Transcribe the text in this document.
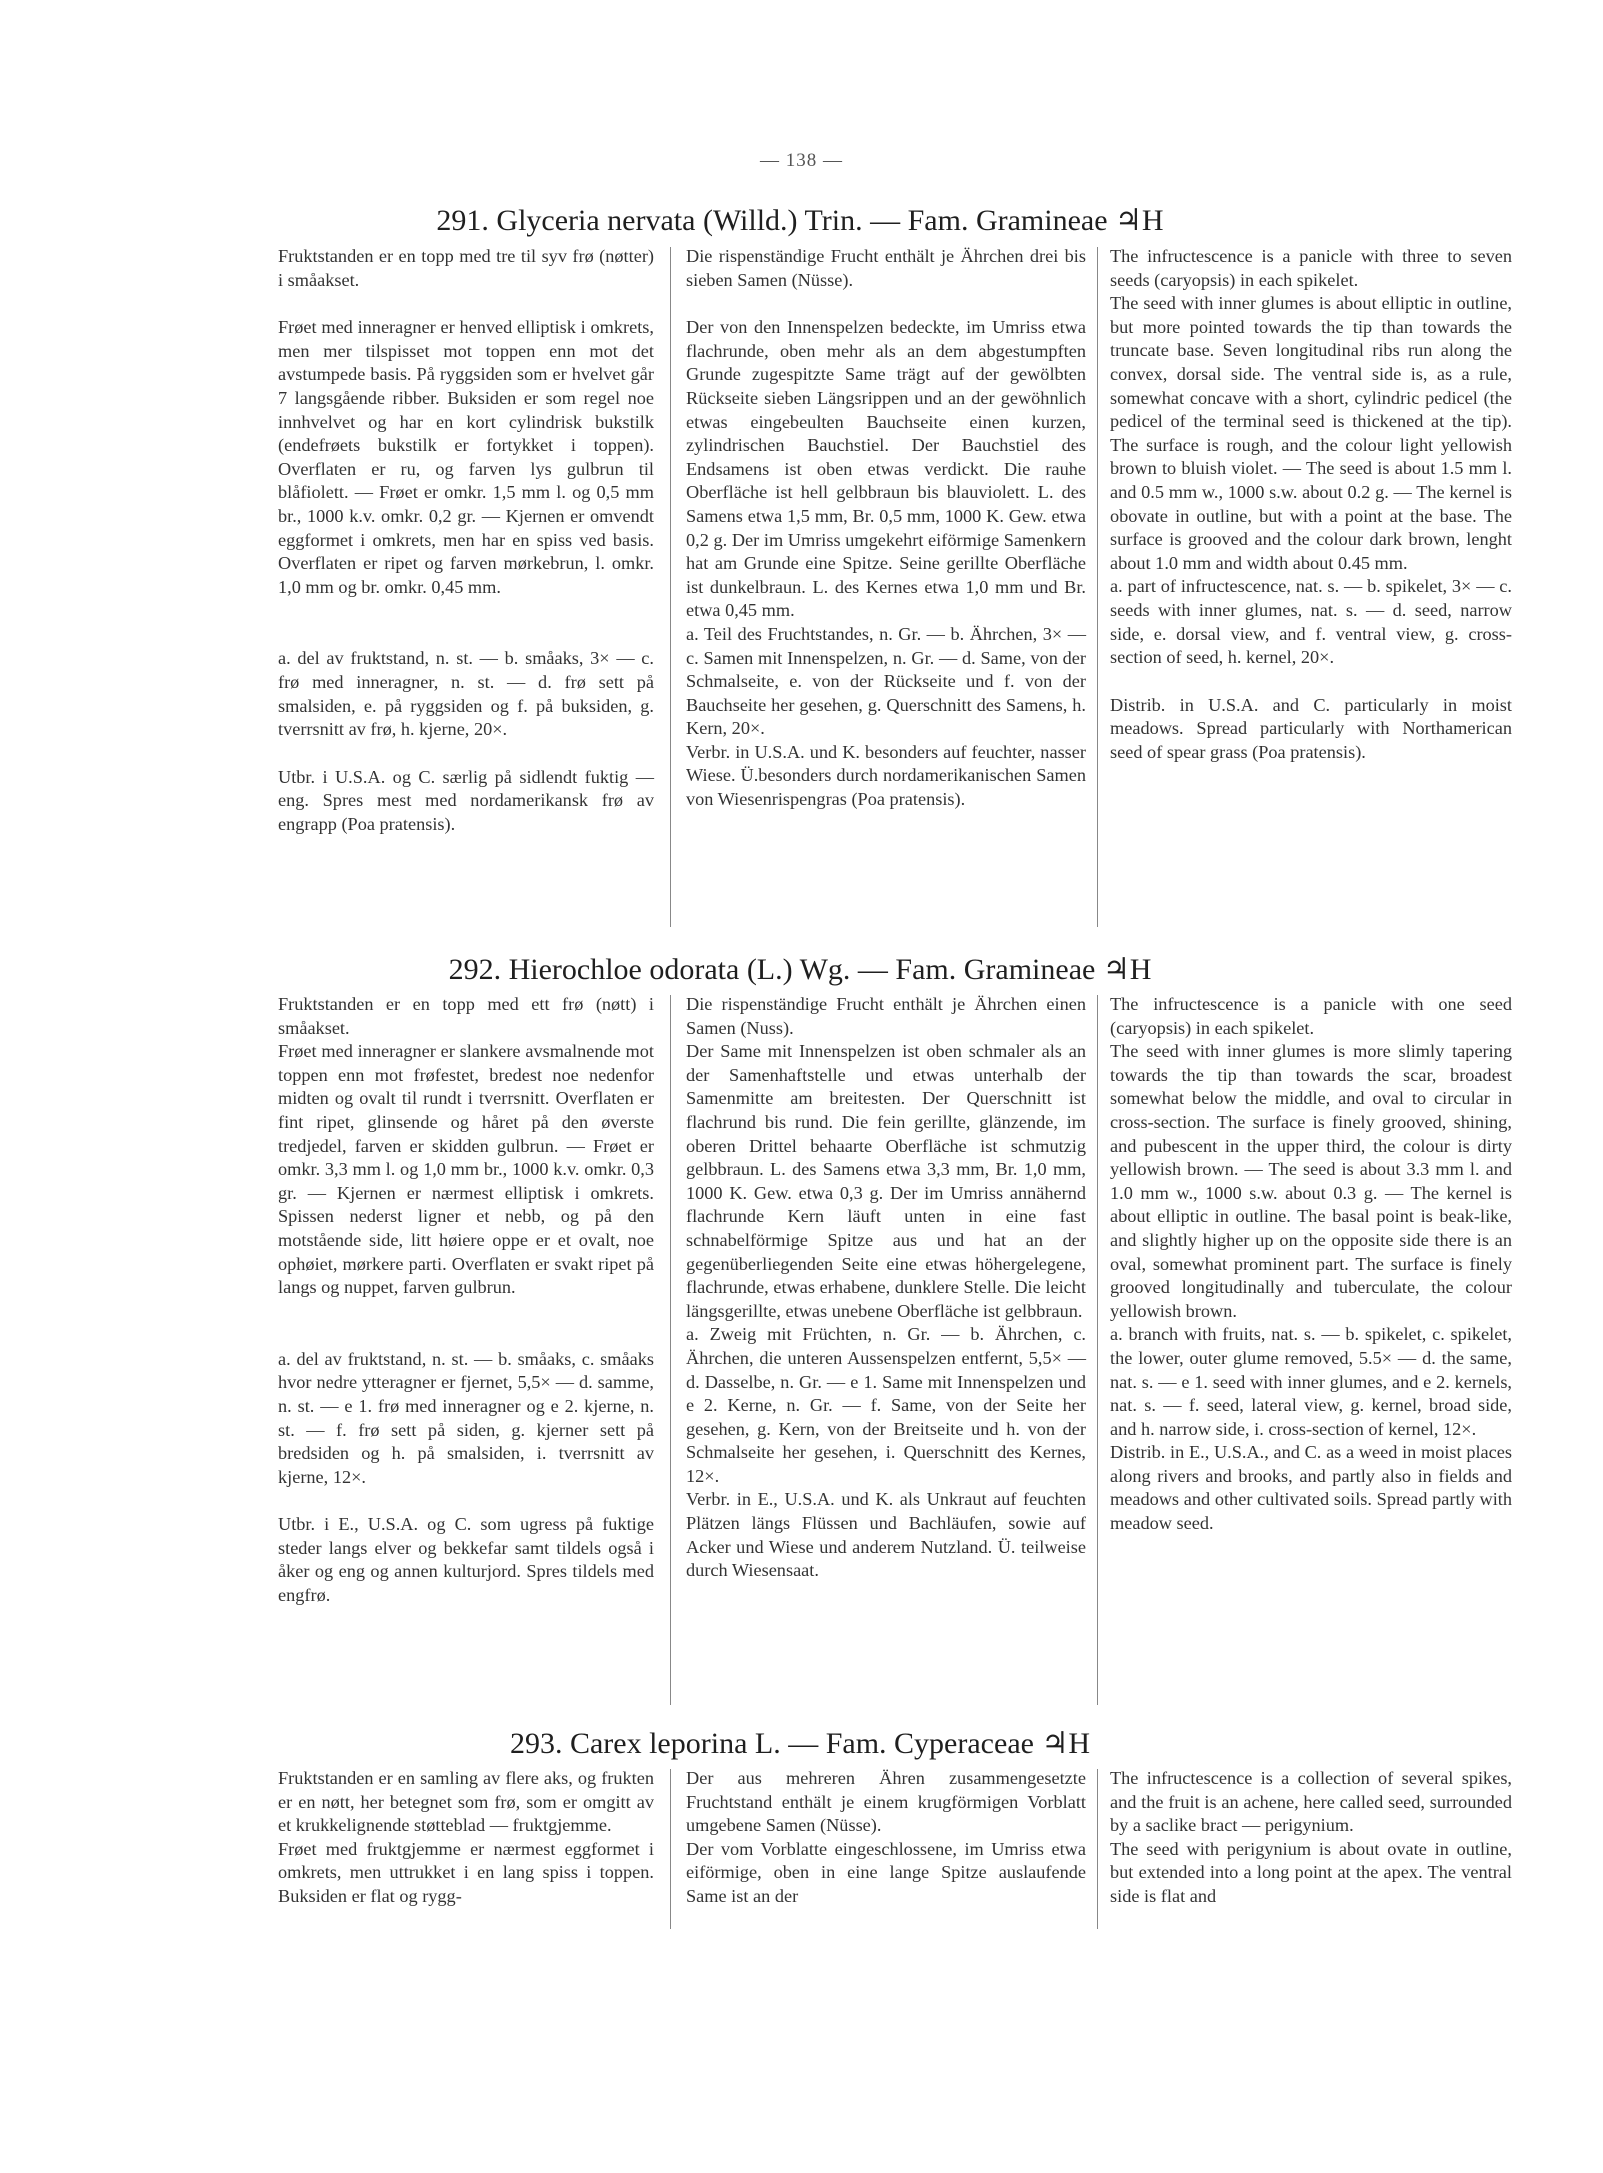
— 138 —
291. Glyceria nervata (Willd.) Trin. — Fam. Gramineae ♃H

Fruktstanden er en topp med tre til syv frø (nøtter) i småakset.

Frøet med inneragner er henved elliptisk i omkrets, men mer tilspisset mot toppen enn mot det avstumpede basis. På ryggsiden som er hvelvet går 7 langsgående ribber. Buksiden er som regel noe innhvelvet og har en kort cylindrisk bukstilk (endefrøets bukstilk er fortykket i toppen). Overflaten er ru, og farven lys gulbrun til blåfiolett. — Frøet er omkr. 1,5 mm l. og 0,5 mm br., 1000 k.v. omkr. 0,2 gr. — Kjernen er omvendt eggformet i omkrets, men har en spiss ved basis. Overflaten er ripet og farven mørkebrun, l. omkr. 1,0 mm og br. omkr. 0,45 mm.

a. del av fruktstand, n. st. — b. småaks, 3× — c. frø med inneragner, n. st. — d. frø sett på smalsiden, e. på ryggsiden og f. på buksiden, g. tverrsnitt av frø, h. kjerne, 20×.

Utbr. i U.S.A. og C. særlig på sidlendt fuktig — eng. Spres mest med nordamerikansk frø av engrapp (Poa pratensis).

Die rispenständige Frucht enthält je Ährchen drei bis sieben Samen (Nüsse).

Der von den Innenspelzen bedeckte, im Umriss etwa flachrunde, oben mehr als an dem abgestumpften Grunde zugespitzte Same trägt auf der gewölbten Rückseite sieben Längsrippen und an der gewöhnlich etwas eingebeulten Bauchseite einen kurzen, zylindrischen Bauchstiel. Der Bauchstiel des Endsamens ist oben etwas verdickt. Die rauhe Oberfläche ist hell gelbbraun bis blauviolett. L. des Samens etwa 1,5 mm, Br. 0,5 mm, 1000 K. Gew. etwa 0,2 g. Der im Umriss umgekehrt eiförmige Samenkern hat am Grunde eine Spitze. Seine gerillte Oberfläche ist dunkelbraun. L. des Kernes etwa 1,0 mm und Br. etwa 0,45 mm.

a. Teil des Fruchtstandes, n. Gr. — b. Ährchen, 3× — c. Samen mit Innenspelzen, n. Gr. — d. Same, von der Schmalseite, e. von der Rückseite und f. von der Bauchseite her gesehen, g. Querschnitt des Samens, h. Kern, 20×.

Verbr. in U.S.A. und K. besonders auf feuchter, nasser Wiese. Ü.besonders durch nordamerikanischen Samen von Wiesenrispengras (Poa pratensis).

The infructescence is a panicle with three to seven seeds (caryopsis) in each spikelet.

The seed with inner glumes is about elliptic in outline, but more pointed towards the tip than towards the truncate base. Seven longitudinal ribs run along the convex, dorsal side. The ventral side is, as a rule, somewhat concave with a short, cylindric pedicel (the pedicel of the terminal seed is thickened at the tip). The surface is rough, and the colour light yellowish brown to bluish violet. — The seed is about 1.5 mm l. and 0.5 mm w., 1000 s.w. about 0.2 g. — The kernel is obovate in outline, but with a point at the base. The surface is grooved and the colour dark brown, lenght about 1.0 mm and width about 0.45 mm.

a. part of infructescence, nat. s. — b. spikelet, 3× — c. seeds with inner glumes, nat. s. — d. seed, narrow side, e. dorsal view, and f. ventral view, g. cross-section of seed, h. kernel, 20×.

Distrib. in U.S.A. and C. particularly in moist meadows. Spread particularly with Northamerican seed of spear grass (Poa pratensis).

292. Hierochloe odorata (L.) Wg. — Fam. Gramineae ♃H

Fruktstanden er en topp med ett frø (nøtt) i småakset.

Frøet med inneragner er slankere avsmalnende mot toppen enn mot frøfestet, bredest noe nedenfor midten og ovalt til rundt i tverrsnitt. Overflaten er fint ripet, glinsende og håret på den øverste tredjedel, farven er skidden gulbrun. — Frøet er omkr. 3,3 mm l. og 1,0 mm br., 1000 k.v. omkr. 0,3 gr. — Kjernen er nærmest elliptisk i omkrets. Spissen nederst ligner et nebb, og på den motstående side, litt høiere oppe er et ovalt, noe ophøiet, mørkere parti. Overflaten er svakt ripet på langs og nuppet, farven gulbrun.

a. del av fruktstand, n. st. — b. småaks, c. småaks hvor nedre ytteragner er fjernet, 5,5× — d. samme, n. st. — e 1. frø med inneragner og e 2. kjerne, n. st. — f. frø sett på siden, g. kjerner sett på bredsiden og h. på smalsiden, i. tverrsnitt av kjerne, 12×.

Utbr. i E., U.S.A. og C. som ugress på fuktige steder langs elver og bekkefar samt tildels også i åker og eng og annen kulturjord. Spres tildels med engfrø.

Die rispenständige Frucht enthält je Ährchen einen Samen (Nuss).

Der Same mit Innenspelzen ist oben schmaler als an der Samenhaftstelle und etwas unterhalb der Samenmitte am breitesten. Der Querschnitt ist flachrund bis rund. Die fein gerillte, glänzende, im oberen Drittel behaarte Oberfläche ist schmutzig gelbbraun. L. des Samens etwa 3,3 mm, Br. 1,0 mm, 1000 K. Gew. etwa 0,3 g. Der im Umriss annähernd flachrunde Kern läuft unten in eine fast schnabelförmige Spitze aus und hat an der gegenüberliegenden Seite eine etwas höhergelegene, flachrunde, etwas erhabene, dunklere Stelle. Die leicht längsgerillte, etwas unebene Oberfläche ist gelbbraun.

a. Zweig mit Früchten, n. Gr. — b. Ährchen, c. Ährchen, die unteren Aussenspelzen entfernt, 5,5× — d. Dasselbe, n. Gr. — e 1. Same mit Innenspelzen und e 2. Kerne, n. Gr. — f. Same, von der Seite her gesehen, g. Kern, von der Breitseite und h. von der Schmalseite her gesehen, i. Querschnitt des Kernes, 12×.

Verbr. in E., U.S.A. und K. als Unkraut auf feuchten Plätzen längs Flüssen und Bachläufen, sowie auf Acker und Wiese und anderem Nutzland. Ü. teilweise durch Wiesensaat.

The infructescence is a panicle with one seed (caryopsis) in each spikelet.

The seed with inner glumes is more slimly tapering towards the tip than towards the scar, broadest somewhat below the middle, and oval to circular in cross-section. The surface is finely grooved, shining, and pubescent in the upper third, the colour is dirty yellowish brown. — The seed is about 3.3 mm l. and 1.0 mm w., 1000 s.w. about 0.3 g. — The kernel is about elliptic in outline. The basal point is beak-like, and slightly higher up on the opposite side there is an oval, somewhat prominent part. The surface is finely grooved longitudinally and tuberculate, the colour yellowish brown.

a. branch with fruits, nat. s. — b. spikelet, c. spikelet, the lower, outer glume removed, 5.5× — d. the same, nat. s. — e 1. seed with inner glumes, and e 2. kernels, nat. s. — f. seed, lateral view, g. kernel, broad side, and h. narrow side, i. cross-section of kernel, 12×.

Distrib. in E., U.S.A., and C. as a weed in moist places along rivers and brooks, and partly also in fields and meadows and other cultivated soils. Spread partly with meadow seed.

293. Carex leporina L. — Fam. Cyperaceae ♃H

Fruktstanden er en samling av flere aks, og frukten er en nøtt, her betegnet som frø, som er omgitt av et krukkelignende støtteblad — fruktgjemme.

Frøet med fruktgjemme er nærmest eggformet i omkrets, men uttrukket i en lang spiss i toppen. Buksiden er flat og rygg-

Der aus mehreren Ähren zusammengesetzte Fruchtstand enthält je einem krugförmigen Vorblatt umgebene Samen (Nüsse).

Der vom Vorblatte eingeschlossene, im Umriss etwa eiförmige, oben in eine lange Spitze auslaufende Same ist an der

The infructescence is a collection of several spikes, and the fruit is an achene, here called seed, surrounded by a saclike bract — perigynium.

The seed with perigynium is about ovate in outline, but extended into a long point at the apex. The ventral side is flat and
